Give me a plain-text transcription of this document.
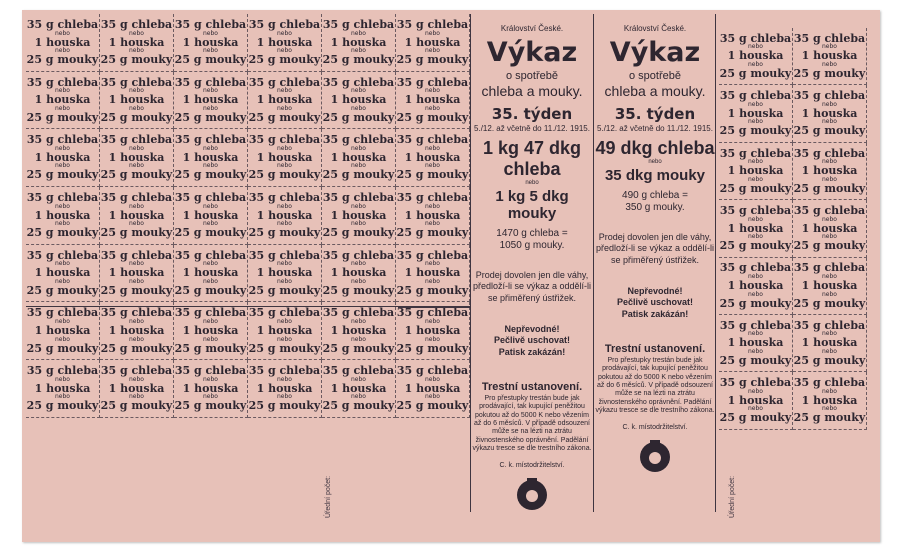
35 g chleba
nebo
1 houska
nebo
25 g mouky
35 g chleba
nebo
1 houska
nebo
25 g mouky
35 g chleba
nebo
1 houska
nebo
25 g mouky
35 g chleba
nebo
1 houska
nebo
25 g mouky
35 g chleba
nebo
1 houska
nebo
25 g mouky
35 g chleba
nebo
1 houska
nebo
25 g mouky
35 g chleba
nebo
1 houska
nebo
25 g mouky
35 g chleba
nebo
1 houska
nebo
25 g mouky
35 g chleba
nebo
1 houska
nebo
25 g mouky
35 g chleba
nebo
1 houska
nebo
25 g mouky
35 g chleba
nebo
1 houska
nebo
25 g mouky
35 g chleba
nebo
1 houska
nebo
25 g mouky
35 g chleba
nebo
1 houska
nebo
25 g mouky
35 g chleba
nebo
1 houska
nebo
25 g mouky
35 g chleba
nebo
1 houska
nebo
25 g mouky
35 g chleba
nebo
1 houska
nebo
25 g mouky
35 g chleba
nebo
1 houska
nebo
25 g mouky
35 g chleba
nebo
1 houska
nebo
25 g mouky
35 g chleba
nebo
1 houska
nebo
25 g mouky
35 g chleba
nebo
1 houska
nebo
25 g mouky
35 g chleba
nebo
1 houska
nebo
25 g mouky
35 g chleba
nebo
1 houska
nebo
25 g mouky
35 g chleba
nebo
1 houska
nebo
25 g mouky
35 g chleba
nebo
1 houska
nebo
25 g mouky
35 g chleba
nebo
1 houska
nebo
25 g mouky
35 g chleba
nebo
1 houska
nebo
25 g mouky
35 g chleba
nebo
1 houska
nebo
25 g mouky
35 g chleba
nebo
1 houska
nebo
25 g mouky
35 g chleba
nebo
1 houska
nebo
25 g mouky
35 g chleba
nebo
1 houska
nebo
25 g mouky
35 g chleba
nebo
1 houska
nebo
25 g mouky
35 g chleba
nebo
1 houska
nebo
25 g mouky
35 g chleba
nebo
1 houska
nebo
25 g mouky
35 g chleba
nebo
1 houska
nebo
25 g mouky
35 g chleba
nebo
1 houska
nebo
25 g mouky
35 g chleba
nebo
1 houska
nebo
25 g mouky
35 g chleba
nebo
1 houska
nebo
25 g mouky
35 g chleba
nebo
1 houska
nebo
25 g mouky
35 g chleba
nebo
1 houska
nebo
25 g mouky
35 g chleba
nebo
1 houska
nebo
25 g mouky
35 g chleba
nebo
1 houska
nebo
25 g mouky
35 g chleba
nebo
1 houska
nebo
25 g mouky
35 g chleba
nebo
1 houska
nebo
25 g mouky
35 g chleba
nebo
1 houska
nebo
25 g mouky
35 g chleba
nebo
1 houska
nebo
25 g mouky
35 g chleba
nebo
1 houska
nebo
25 g mouky
35 g chleba
nebo
1 houska
nebo
25 g mouky
35 g chleba
nebo
1 houska
nebo
25 g mouky
35 g chleba
nebo
1 houska
nebo
25 g mouky
35 g chleba
nebo
1 houska
nebo
25 g mouky
35 g chleba
nebo
1 houska
nebo
25 g mouky
35 g chleba
nebo
1 houska
nebo
25 g mouky
35 g chleba
nebo
1 houska
nebo
25 g mouky
35 g chleba
nebo
1 houska
nebo
25 g mouky
35 g chleba
nebo
1 houska
nebo
25 g mouky
35 g chleba
nebo
1 houska
nebo
25 g mouky
Království České.
Výkaz
o spotřebě
chleba a mouky.
35. týden
5./12. až včetně do 11./12. 1915.
1 kg 47 dkg chleba
nebo
1 kg 5 dkg mouky
1470 g chleba =
1050 g mouky.
Prodej dovolen jen dle váhy, předloží-li se výkaz a oddělí-li se přiměřený ústřižek.
Nepřevodné!
Pečlivě uschovat!
Patisk zakázán!
Trestní ustanovení.
Pro přestupky trestán bude jak prodávající, tak kupující peněžitou pokutou až do 5000 K nebo vězením až do 6 měsíců. V případě odsouzení může se na lézti na ztrátu živnostenského oprávnění. Padělání výkazu tresce se dle trestního zákona.
C. k. místodržitelství.
Království České.
Výkaz
o spotřebě
chleba a mouky.
35. týden
5./12. až včetně do 11./12. 1915.
49 dkg chleba
nebo
35 dkg mouky
490 g chleba =
350 g mouky.
Prodej dovolen jen dle váhy, předloží-li se výkaz a oddělí-li se přiměřený ústřižek.
Nepřevodné!
Pečlivě uschovat!
Patisk zakázán!
Trestní ustanovení.
Pro přestupky trestán bude jak prodávající, tak kupující peněžitou pokutou až do 5000 K nebo vězením až do 6 měsíců. V případě odsouzení může se na lézti na ztrátu živnostenského oprávnění. Padělání výkazu tresce se dle trestního zákona.
C. k. místodržitelství.
Úřední počet:	Úřední počet:
